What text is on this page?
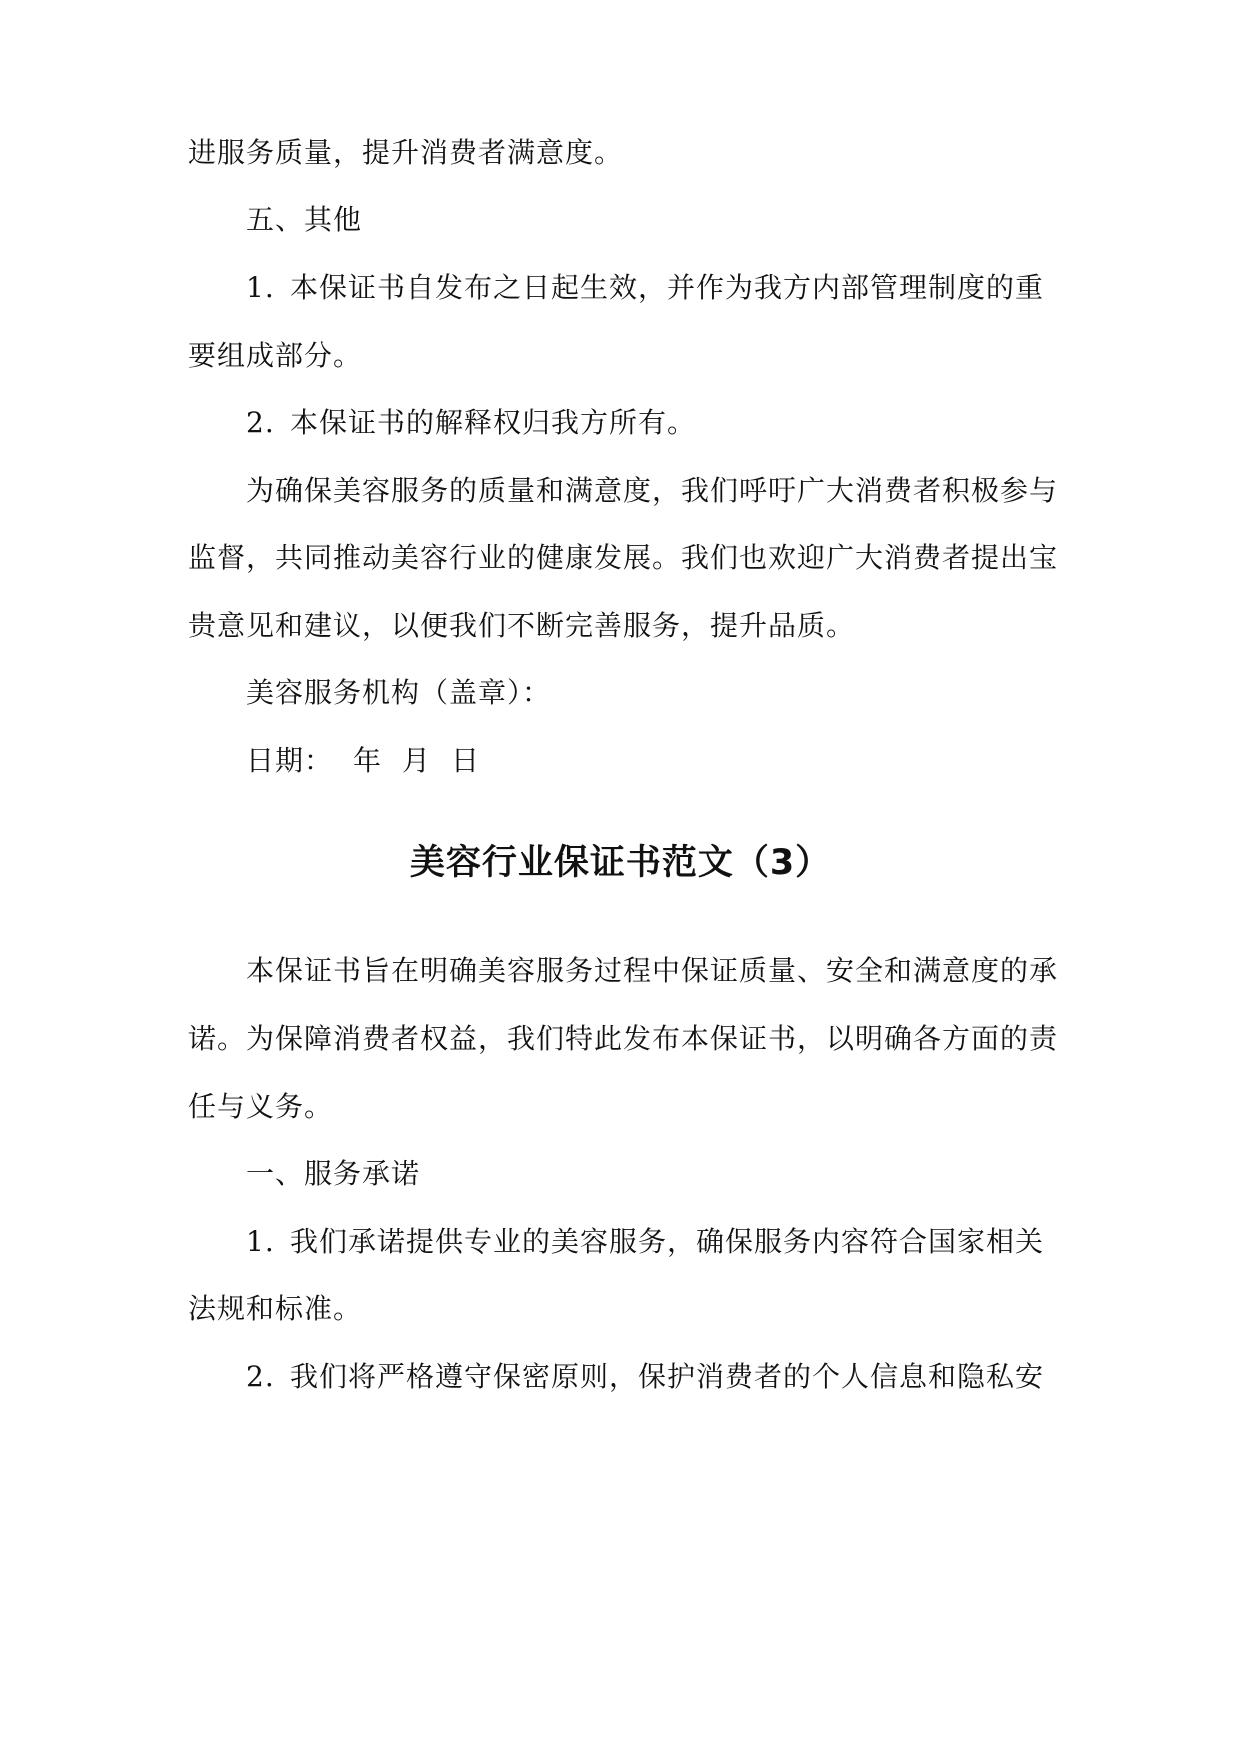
进服务质量，提升消费者满意度。
五、其他
1. 本保证书自发布之日起生效，并作为我方内部管理制度的重
要组成部分。
2. 本保证书的解释权归我方所有。
为确保美容服务的质量和满意度，我们呼吁广大消费者积极参与
监督，共同推动美容行业的健康发展。我们也欢迎广大消费者提出宝
贵意见和建议，以便我们不断完善服务，提升品质。
美容服务机构（盖章）：
日期： 年 月 日
美容行业保证书范文（3）
本保证书旨在明确美容服务过程中保证质量、安全和满意度的承
诺。为保障消费者权益，我们特此发布本保证书，以明确各方面的责
任与义务。
一、服务承诺
1. 我们承诺提供专业的美容服务，确保服务内容符合国家相关
法规和标准。
2. 我们将严格遵守保密原则，保护消费者的个人信息和隐私安
